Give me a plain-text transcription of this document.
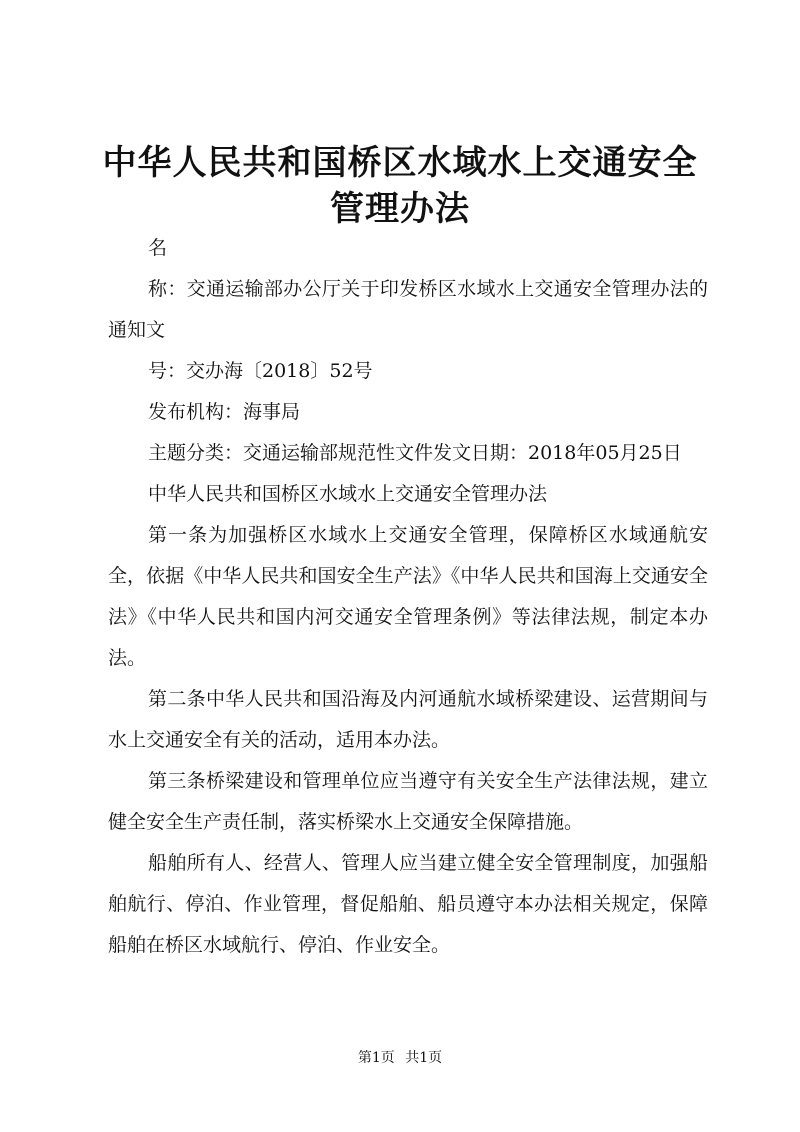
中华人民共和国桥区水域水上交通安全管理办法

名

称：交通运输部办公厅关于印发桥区水域水上交通安全管理办法的通知文

号：交办海〔2018〕52号

发布机构：海事局

主题分类：交通运输部规范性文件发文日期：2018年05月25日

中华人民共和国桥区水域水上交通安全管理办法

第一条为加强桥区水域水上交通安全管理，保障桥区水域通航安全，依据《中华人民共和国安全生产法》《中华人民共和国海上交通安全法》《中华人民共和国内河交通安全管理条例》等法律法规，制定本办法。

第二条中华人民共和国沿海及内河通航水域桥梁建设、运营期间与水上交通安全有关的活动，适用本办法。

第三条桥梁建设和管理单位应当遵守有关安全生产法律法规，建立健全安全生产责任制，落实桥梁水上交通安全保障措施。

船舶所有人、经营人、管理人应当建立健全安全管理制度，加强船舶航行、停泊、作业管理，督促船舶、船员遵守本办法相关规定，保障船舶在桥区水域航行、停泊、作业安全。

第1页 共1页
